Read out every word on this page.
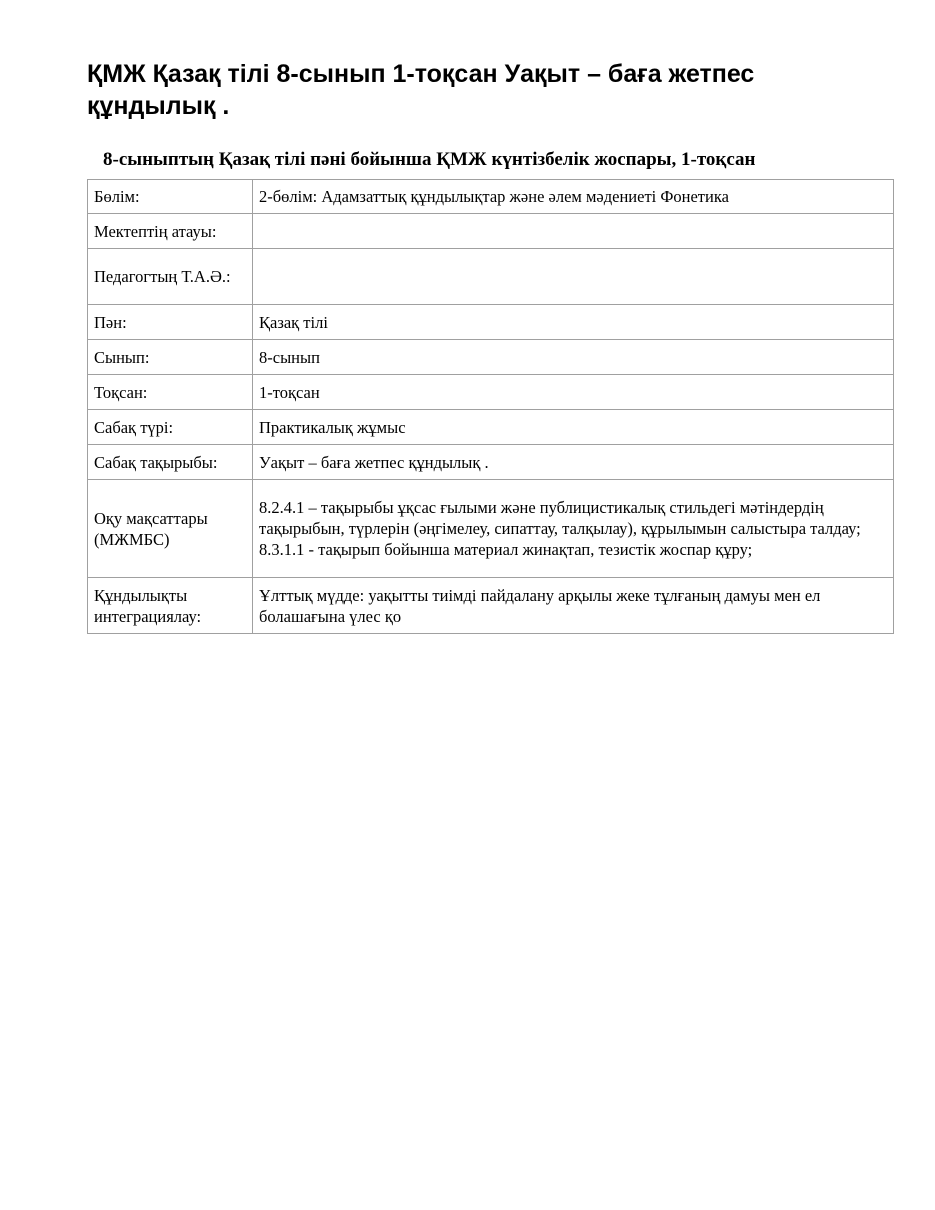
ҚМЖ Қазақ тілі 8-сынып 1-тоқсан Уақыт – баға жетпес құндылық .
8-сыныптың Қазақ тілі пәні бойынша ҚМЖ күнтізбелік жоспары, 1-тоқсан
Бөлім:	2-бөлім: Адамзаттық құндылықтар және әлем мәдениеті Фонетика
Мектептің атауы:	
Педагогтың Т.А.Ә.:	
Пән:	Қазақ тілі
Сынып:	8-сынып
Тоқсан:	1-тоқсан
Сабақ түрі:	Практикалық жұмыс
Сабақ тақырыбы:	Уақыт – баға жетпес құндылық .
Оқу мақсаттары (МЖМБС)	8.2.4.1 – тақырыбы ұқсас ғылыми және публицистикалық стильдегі мәтіндердің тақырыбын, түрлерін (әңгімелеу, сипаттау, талқылау), құрылымын салыстыра талдау; 8.3.1.1 - тақырып бойынша материал жинақтап, тезистік жоспар құру;
Құндылықты интеграциялау:	Ұлттық мүдде: уақытты тиімді пайдалану арқылы жеке тұлғаның дамуы мен ел болашағына үлес қо
